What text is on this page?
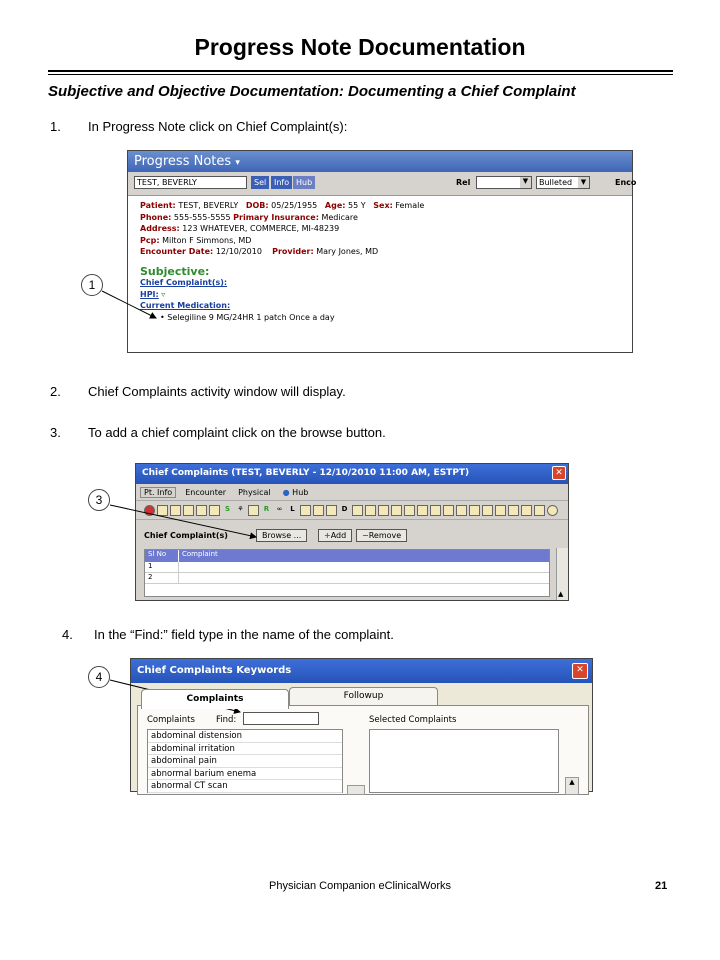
Progress Note Documentation
Subjective and Objective Documentation: Documenting a Chief Complaint
1. In Progress Note click on Chief Complaint(s):
Progress Notes ▾
TEST, BEVERLY	Sel Info Hub	Rel	▼	Bulleted	▼	Enco
Patient: TEST, BEVERLY DOB: 05/25/1955 Age: 55 Y Sex: Female
Phone: 555-555-5555 Primary Insurance: Medicare
Address: 123 WHATEVER, COMMERCE, MI-48239
Pcp: Milton F Simmons, MD
Encounter Date: 12/10/2010 Provider: Mary Jones, MD
Subjective:
Chief Complaint(s):
HPI: ▿
Current Medication:
• Selegiline 9 MG/24HR 1 patch Once a day
2. Chief Complaints activity window will display.
3. To add a chief complaint click on the browse button.
Chief Complaints (TEST, BEVERLY - 12/10/2010 11:00 AM, ESTPT)	✕
Pt. Info	Encounter	Physical	● Hub
S	⚘	R	∞	L	D
Chief Complaint(s)	Browse ...	+Add	−Remove
Sl No	Complaint
1
2
▲
4. In the “Find:” field type in the name of the complaint.
Chief Complaints Keywords	✕
Complaints	Followup
Complaints Find:	Selected Complaints
abdominal distension
abdominal irritation
abdominal pain
abnormal barium enema
abnormal CT scan	▲
1
3
4
Physician Companion eClinicalWorks	21
